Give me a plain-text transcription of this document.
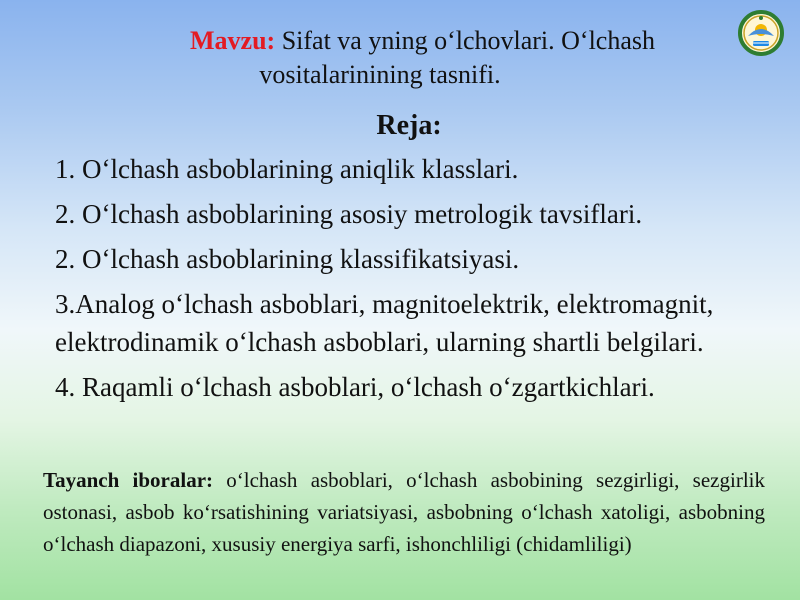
Mavzu: Sifat va yning o‘lchovlari. O‘lchash
vositalarinining tasnifi.
Reja:
1. O‘lchash asboblarining aniqlik klasslari.
2. O‘lchash asboblarining asosiy metrologik tavsiflari.
2. O‘lchash asboblarining klassifikatsiyasi.
3.Analog o‘lchash asboblari, magnitoelektrik, elektromagnit, elektrodinamik o‘lchash asboblari, ularning shartli belgilari.
4. Raqamli o‘lchash asboblari, o‘lchash o‘zgartkichlari.
Tayanch iboralar: o‘lchash asboblari, o‘lchash asbobining sezgirligi, sezgirlik ostonasi, asbob ko‘rsatishining variatsiyasi, asbobning o‘lchash xatoligi, asbobning o‘lchash diapazoni, xususiy energiya sarfi, ishonchliligi (chidamliligi)
